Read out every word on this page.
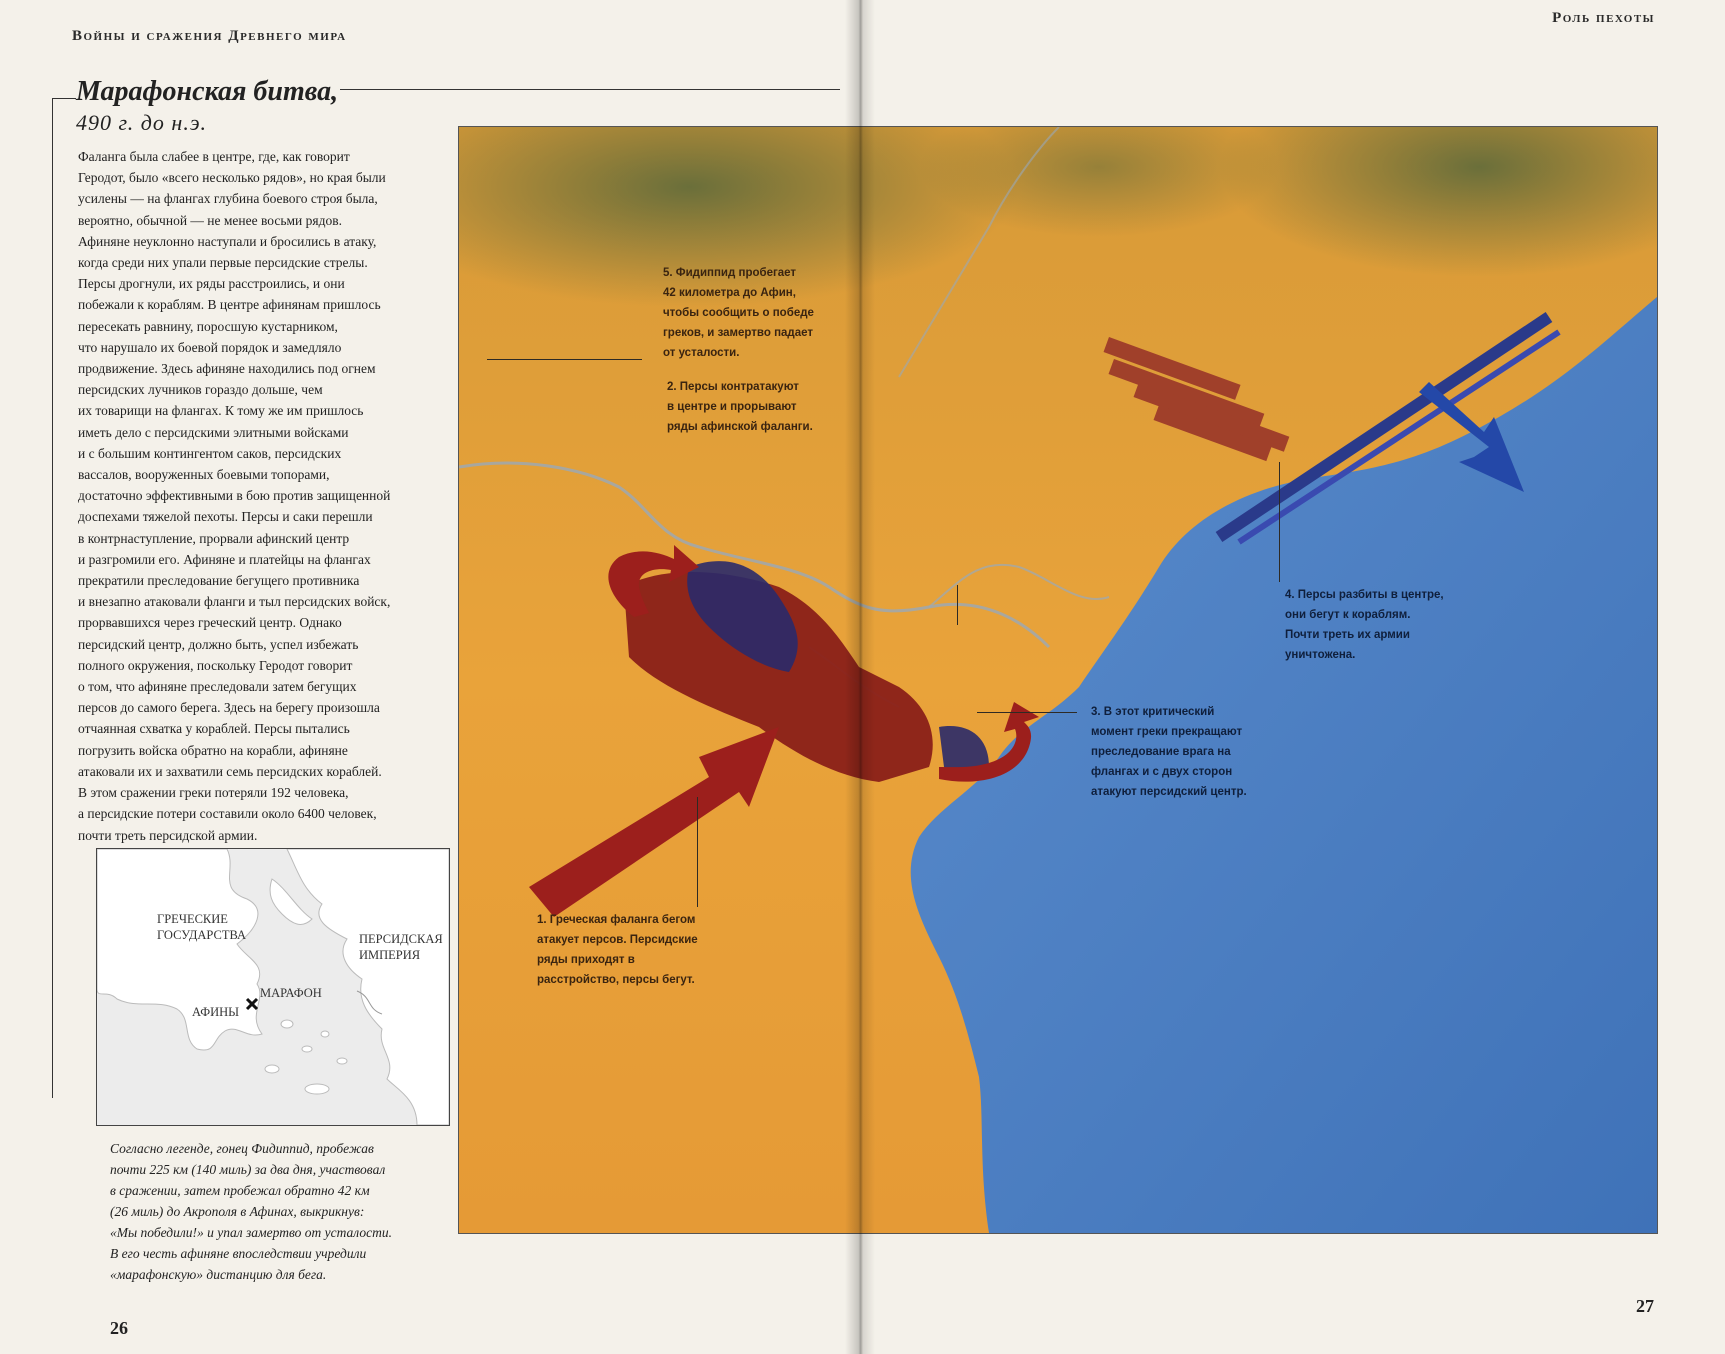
Войны и сражения Древнего мира
Роль пехоты
Марафонская битва,
490 г. до н.э.
Фаланга была слабее в центре, где, как говорит
Геродот, было «всего несколько рядов», но края были
усилены — на флангах глубина боевого строя была,
вероятно, обычной — не менее восьми рядов.
Афиняне неуклонно наступали и бросились в атаку,
когда среди них упали первые персидские стрелы.
Персы дрогнули, их ряды расстроились, и они
побежали к кораблям. В центре афинянам пришлось
пересекать равнину, поросшую кустарником,
что нарушало их боевой порядок и замедляло
продвижение. Здесь афиняне находились под огнем
персидских лучников гораздо дольше, чем
их товарищи на флангах. К тому же им пришлось
иметь дело с персидскими элитными войсками
и с большим контингентом саков, персидских
вассалов, вооруженных боевыми топорами,
достаточно эффективными в бою против защищенной
доспехами тяжелой пехоты. Персы и саки перешли
в контрнаступление, прорвали афинский центр
и разгромили его. Афиняне и платейцы на флангах
прекратили преследование бегущего противника
и внезапно атаковали фланги и тыл персидских войск,
прорвавшихся через греческий центр. Однако
персидский центр, должно быть, успел избежать
полного окружения, поскольку Геродот говорит
о том, что афиняне преследовали затем бегущих
персов до самого берега. Здесь на берегу произошла
отчаянная схватка у кораблей. Персы пытались
погрузить войска обратно на корабли, афиняне
атаковали их и захватили семь персидских кораблей.
В этом сражении греки потеряли 192 человека,
а персидские потери составили около 6400 человек,
почти треть персидской армии.
ГРЕЧЕСКИЕ
ГОСУДАРСТВА	ПЕРСИДСКАЯ
ИМПЕРИЯ
МАРАФОН
АФИНЫ
Согласно легенде, гонец Фидиппид, пробежав
почти 225 км (140 миль) за два дня, участвовал
в сражении, затем пробежал обратно 42 км
(26 миль) до Акрополя в Афинах, выкрикнув:
«Мы победили!» и упал замертво от усталости.
В его честь афиняне впоследствии учредили
«марафонскую» дистанцию для бега.
5. Фидиппид пробегает
42 километра до Афин,
чтобы сообщить о победе
греков, и замертво падает
от усталости.
2. Персы контратакуют
в центре и прорывают
ряды афинской фаланги.
1. Греческая фаланга бегом
атакует персов. Персидские
ряды приходят в
расстройство, персы бегут.
3. В этот критический
момент греки прекращают
преследование врага на
флангах и с двух сторон
атакуют персидский центр.
4. Персы разбиты в центре,
они бегут к кораблям.
Почти треть их армии
уничтожена.
26
27
